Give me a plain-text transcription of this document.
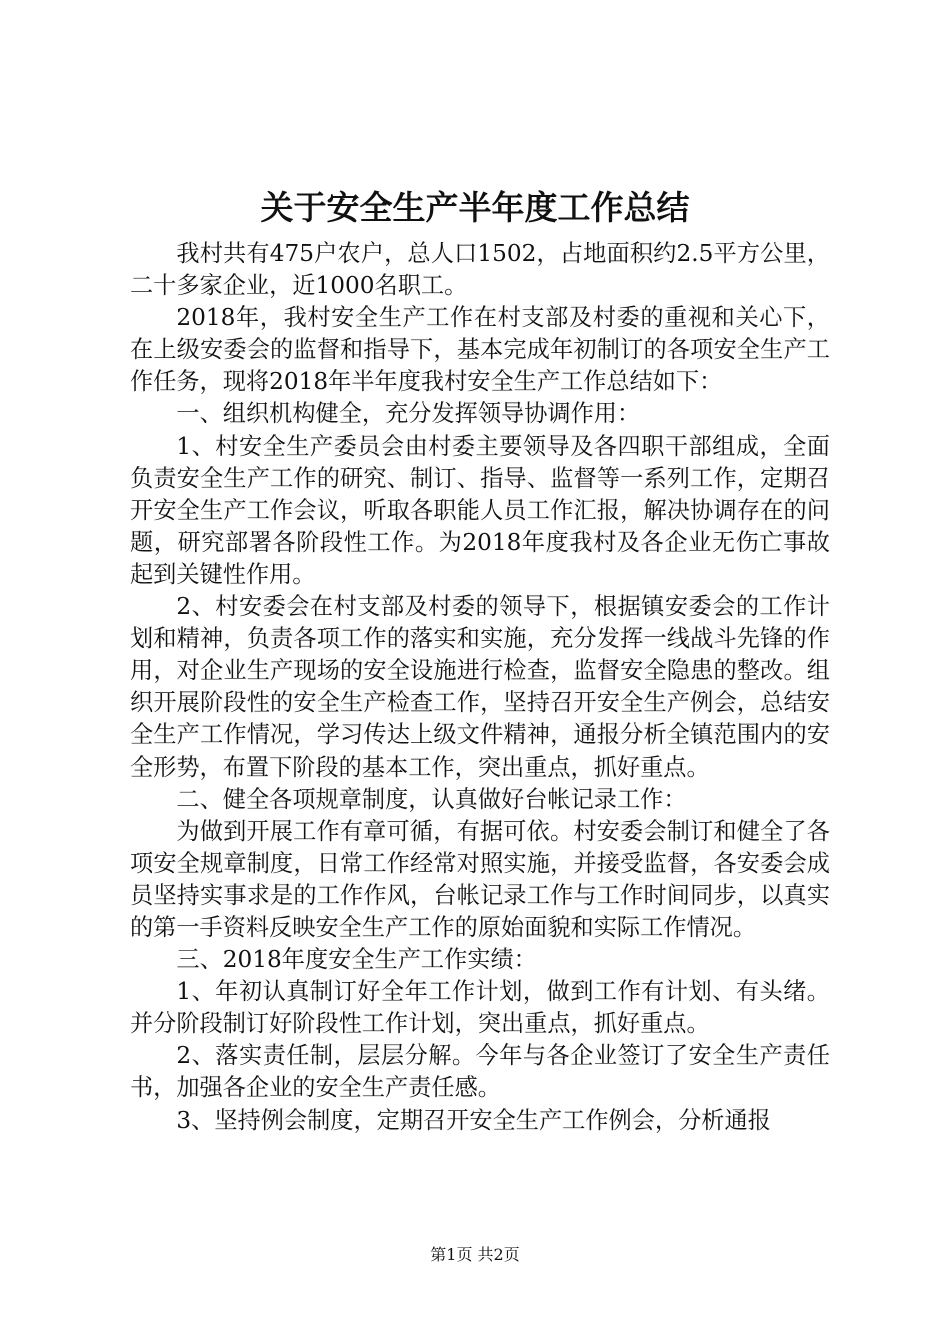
关于安全生产半年度工作总结

我村共有475户农户，总人口1502，占地面积约2.5平方公里，二十多家企业，近1000名职工。

2018年，我村安全生产工作在村支部及村委的重视和关心下，在上级安委会的监督和指导下，基本完成年初制订的各项安全生产工作任务，现将2018年半年度我村安全生产工作总结如下：

一、组织机构健全，充分发挥领导协调作用：

1、村安全生产委员会由村委主要领导及各四职干部组成，全面负责安全生产工作的研究、制订、指导、监督等一系列工作，定期召开安全生产工作会议，听取各职能人员工作汇报，解决协调存在的问题，研究部署各阶段性工作。为2018年度我村及各企业无伤亡事故起到关键性作用。

2、村安委会在村支部及村委的领导下，根据镇安委会的工作计划和精神，负责各项工作的落实和实施，充分发挥一线战斗先锋的作用，对企业生产现场的安全设施进行检查，监督安全隐患的整改。组织开展阶段性的安全生产检查工作，坚持召开安全生产例会，总结安全生产工作情况，学习传达上级文件精神，通报分析全镇范围内的安全形势，布置下阶段的基本工作，突出重点，抓好重点。

二、健全各项规章制度，认真做好台帐记录工作：

为做到开展工作有章可循，有据可依。村安委会制订和健全了各项安全规章制度，日常工作经常对照实施，并接受监督，各安委会成员坚持实事求是的工作作风，台帐记录工作与工作时间同步，以真实的第一手资料反映安全生产工作的原始面貌和实际工作情况。

三、2018年度安全生产工作实绩：

1、年初认真制订好全年工作计划，做到工作有计划、有头绪。并分阶段制订好阶段性工作计划，突出重点，抓好重点。

2、落实责任制，层层分解。今年与各企业签订了安全生产责任书，加强各企业的安全生产责任感。

3、坚持例会制度，定期召开安全生产工作例会，分析通报

第1页 共2页
